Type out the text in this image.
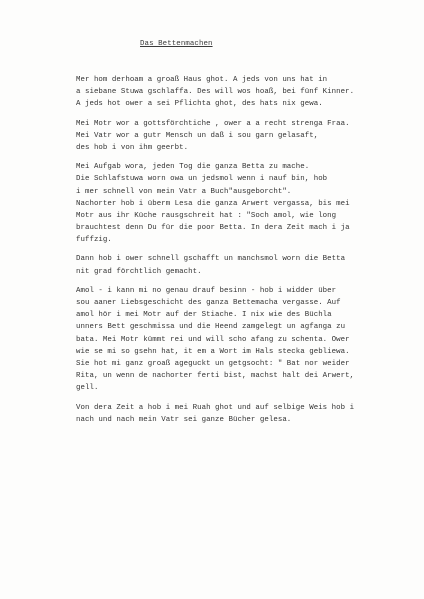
Das Bettenmachen
Mer hom derhoam a groaß Haus ghot. A jeds von uns hat in
a siebane Stuwa gschlaffa. Des will wos hoaß, bei fünf Kinner.
A jeds hot ower a sei Pflichta ghot, des hats nix gewa.
Mei Motr wor a gottsförchtiche , ower a a recht strenga Fraa.
Mei Vatr wor a gutr Mensch un daß i sou garn gelasaft,
des hob i von ihm geerbt.
Mei Aufgab wora, jeden Tog die ganza Betta zu mache.
Die Schlafstuwa worn owa un jedsmol wenn i nauf bin, hob
i mer schnell von mein Vatr a Buch"ausgeborcht".
Nachorter hob i überm Lesa die ganza Arwert vergassa, bis mei
Motr aus ihr Küche rausgschreit hat : "Soch amol, wie long
brauchtest denn Du für die poor Betta. In dera Zeit mach i ja
fuffzig.
Dann hob i ower schnell gschafft un manchsmol worn die Betta
nit grad förchtlich gemacht.
Amol - i kann mi no genau drauf besinn - hob i widder über
sou aaner Liebsgeschicht des ganza Bettemacha vergasse. Auf
amol hör i mei Motr auf der Stiache. I nix wie des Büchla
unners Bett geschmissa und die Heend zamgelegt un agfanga zu
bata. Mei Motr kümmt rei und will scho afang zu schenta. Ower
wie se mi so gsehn hat, it em a Wort im Hals stecka gebliewa.
Sie hot mi ganz groaß ageguckt un getgsocht: " Bat nor weider
Rita, un wenn de nachorter ferti bist, machst halt dei Arwert,
gell.
Von dera Zeit a hob i mei Ruah ghot und auf selbige Weis hob i
nach und nach mein Vatr sei ganze Bücher gelesa.
